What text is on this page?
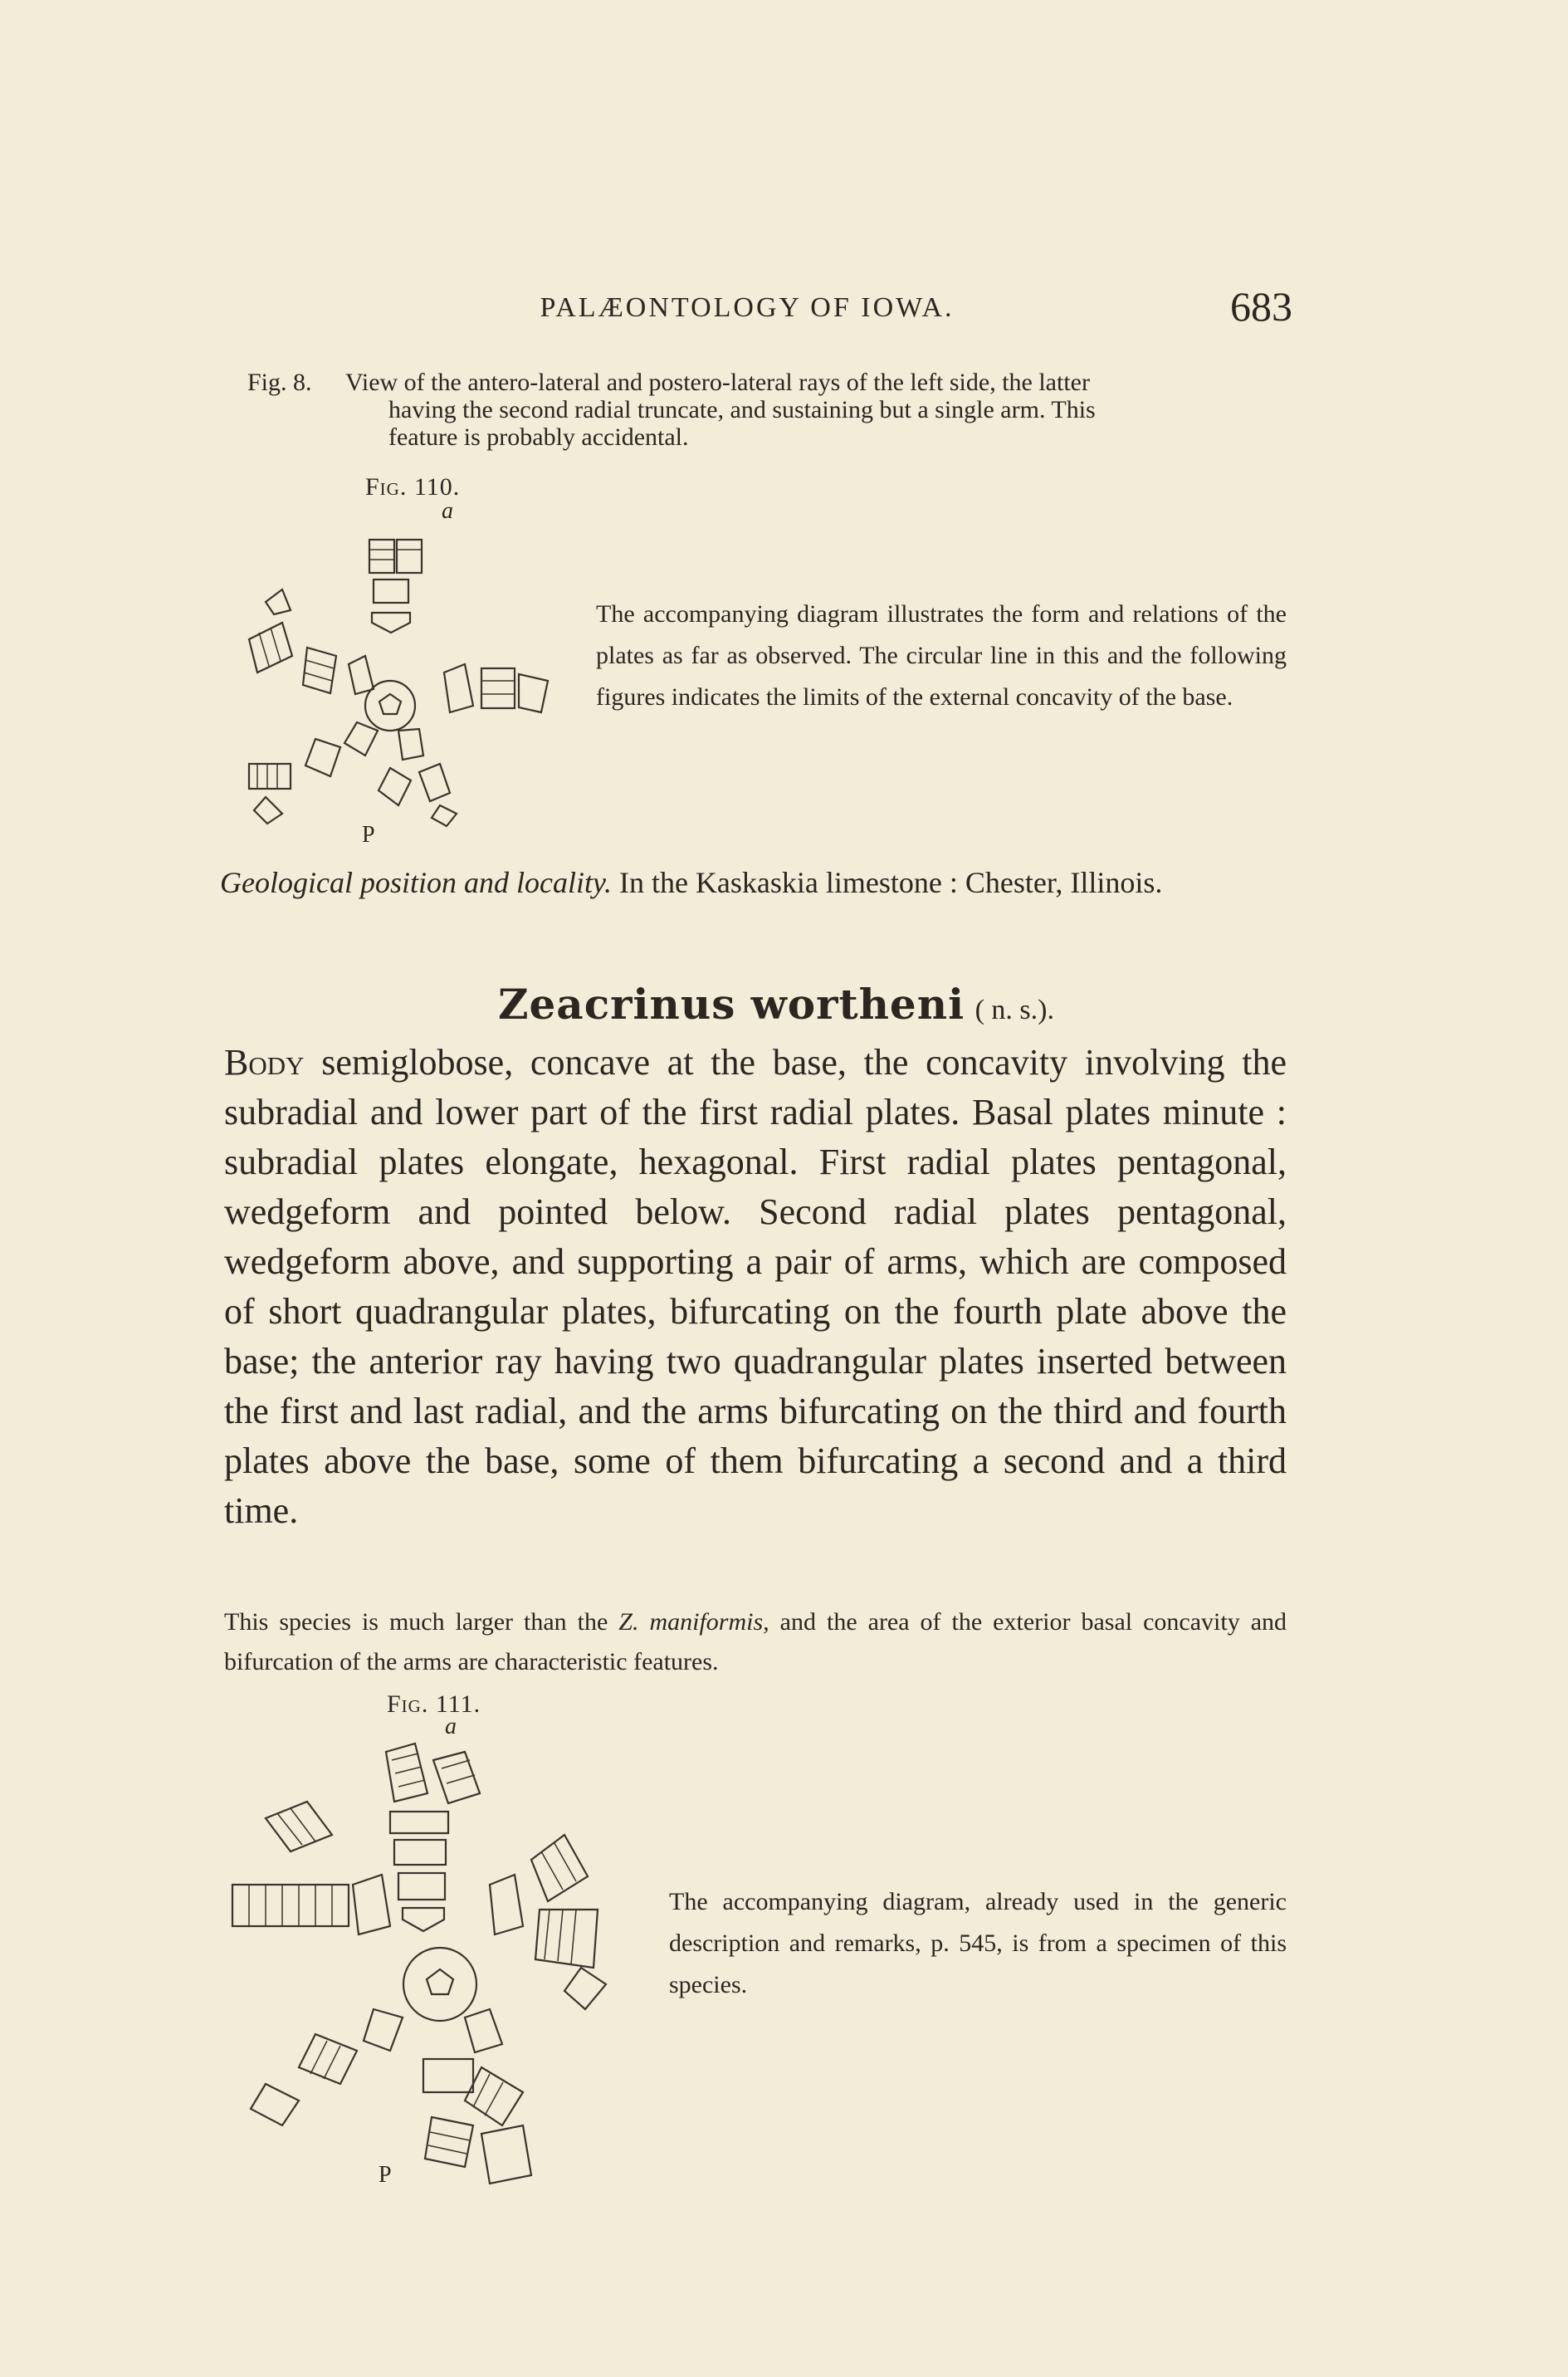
PALÆONTOLOGY OF IOWA.	683
Fig. 8. View of the antero-lateral and postero-lateral rays of the left side, the latter
having the second radial truncate, and sustaining but a single arm. This
feature is probably accidental.
Fig. 110.
a
P
The accompanying diagram illustrates the form and relations of the plates as far as observed. The circular line in this and the following figures indicates the limits of the external concavity of the base.
Geological position and locality. In the Kaskaskia limestone : Chester, Illinois.
Zeacrinus wortheni ( n. s.).
Body semiglobose, concave at the base, the concavity involving the subradial and lower part of the first radial plates. Basal plates minute : subradial plates elongate, hexagonal. First radial plates pentagonal, wedgeform and pointed below. Second radial plates pentagonal, wedgeform above, and supporting a pair of arms, which are composed of short quadrangular plates, bifurcating on the fourth plate above the base; the anterior ray having two quadrangular plates inserted between the first and last radial, and the arms bifurcating on the third and fourth plates above the base, some of them bifurcating a second and a third time.
This species is much larger than the Z. maniformis, and the area of the exterior basal concavity and bifurcation of the arms are characteristic features.
Fig. 111.
a
P
The accompanying diagram, already used in the generic description and remarks, p. 545, is from a specimen of this species.
